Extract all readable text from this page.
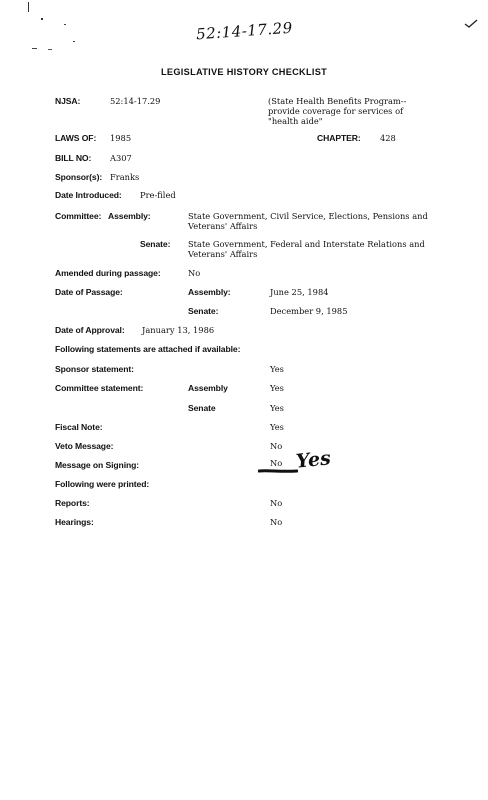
52:14-17.29
LEGISLATIVE HISTORY CHECKLIST
NJSA:	52:14-17.29	(State Health Benefits Program--provide coverage for services of "health aide"
LAWS OF: 1985	CHAPTER: 428
BILL NO: A307
Sponsor(s): Franks
Date Introduced: Pre-filed
Committee: Assembly:	State Government, Civil Service, Elections, Pensions and Veterans' Affairs
Senate: State Government, Federal and Interstate Relations and Veterans' Affairs
Amended during passage:	No
Date of Passage:	Assembly:	June 25, 1984
Senate:	December 9, 1985
Date of Approval: January 13, 1986
Following statements are attached if available:
Sponsor statement:	Yes
Committee statement:	Assembly	Yes
Senate	Yes
Fiscal Note:	Yes
Veto Message:	No
Message on Signing:	No Yes
Following were printed:
Reports:	No
Hearings:	No
